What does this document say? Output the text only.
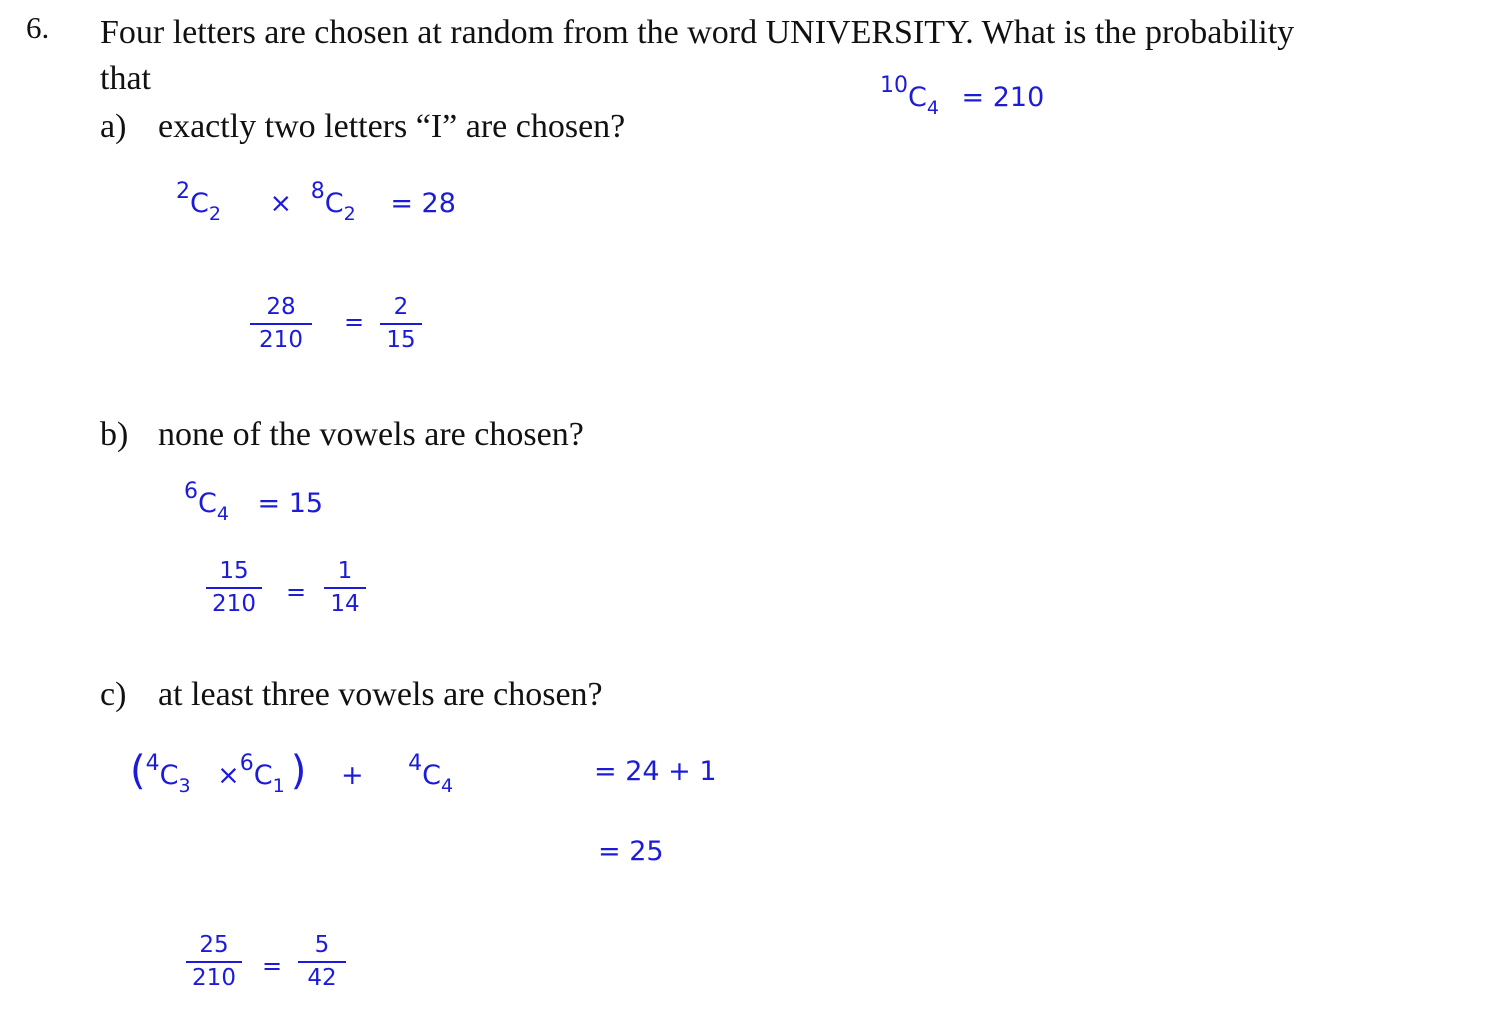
6. Four letters are chosen at random from the word UNIVERSITY. What is the probability
that
a) exactly two letters “I” are chosen?
b) none of the vowels are chosen?
c) at least three vowels are chosen?
$^{10}C_4 = 210$
$^2C_2 \times ^8C_2 = 28$
28
210
=
2
15
$^6C_4 = 15$
15
210 =
1
14
($^4C_3 \times^6C_1$ ) + $^4C_4$	= 24 + 1
= 25
25
210 =
5
42
